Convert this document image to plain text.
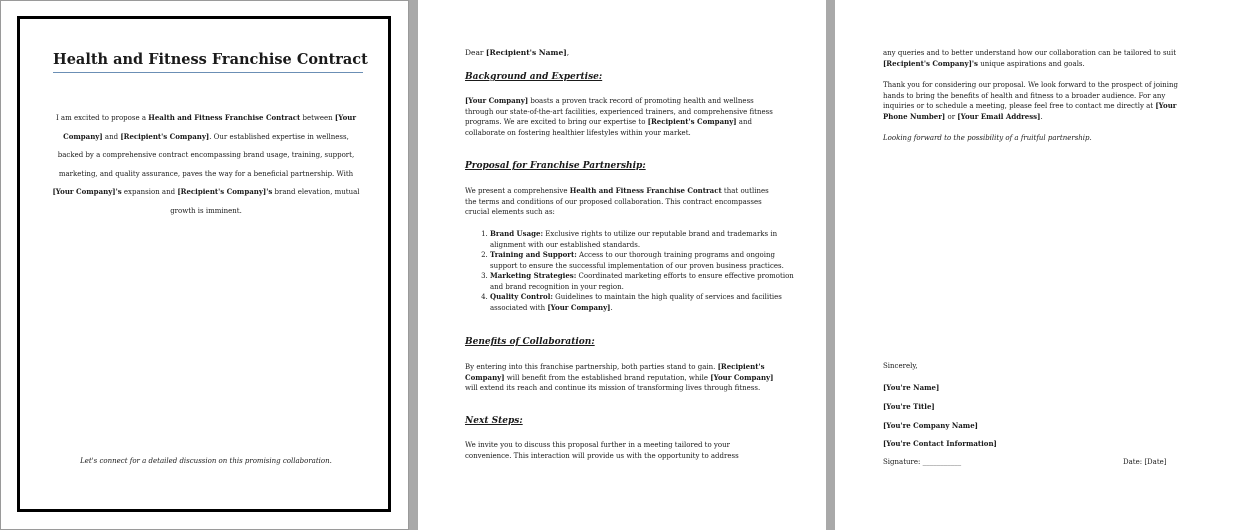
Health and Fitness Franchise Contract
I am excited to propose a Health and Fitness Franchise Contract between [Your Company] and [Recipient's Company]. Our established expertise in wellness, backed by a comprehensive contract encompassing brand usage, training, support, marketing, and quality assurance, paves the way for a beneficial partnership. With [Your Company]'s expansion and [Recipient's Company]'s brand elevation, mutual growth is imminent.
Let's connect for a detailed discussion on this promising collaboration.
Dear [Recipient's Name],
Background and Expertise:
[Your Company] boasts a proven track record of promoting health and wellness through our state-of-the-art facilities, experienced trainers, and comprehensive fitness programs. We are excited to bring our expertise to [Recipient's Company] and collaborate on fostering healthier lifestyles within your market.
Proposal for Franchise Partnership:
We present a comprehensive Health and Fitness Franchise Contract that outlines the terms and conditions of our proposed collaboration. This contract encompasses crucial elements such as:
1. Brand Usage: Exclusive rights to utilize our reputable brand and trademarks in alignment with our established standards.
2. Training and Support: Access to our thorough training programs and ongoing support to ensure the successful implementation of our proven business practices.
3. Marketing Strategies: Coordinated marketing efforts to ensure effective promotion and brand recognition in your region.
4. Quality Control: Guidelines to maintain the high quality of services and facilities associated with [Your Company].
Benefits of Collaboration:
By entering into this franchise partnership, both parties stand to gain. [Recipient's Company] will benefit from the established brand reputation, while [Your Company] will extend its reach and continue its mission of transforming lives through fitness.
Next Steps:
We invite you to discuss this proposal further in a meeting tailored to your convenience. This interaction will provide us with the opportunity to address
any queries and to better understand how our collaboration can be tailored to suit [Recipient's Company]'s unique aspirations and goals.
Thank you for considering our proposal. We look forward to the prospect of joining hands to bring the benefits of health and fitness to a broader audience. For any inquiries or to schedule a meeting, please feel free to contact me directly at [Your Phone Number] or [Your Email Address].
Looking forward to the possibility of a fruitful partnership.
Sincerely,
[You're Name]
[You're Title]
[You're Company Name]
[You're Contact Information]
Signature: ___________	Date: [Date]
